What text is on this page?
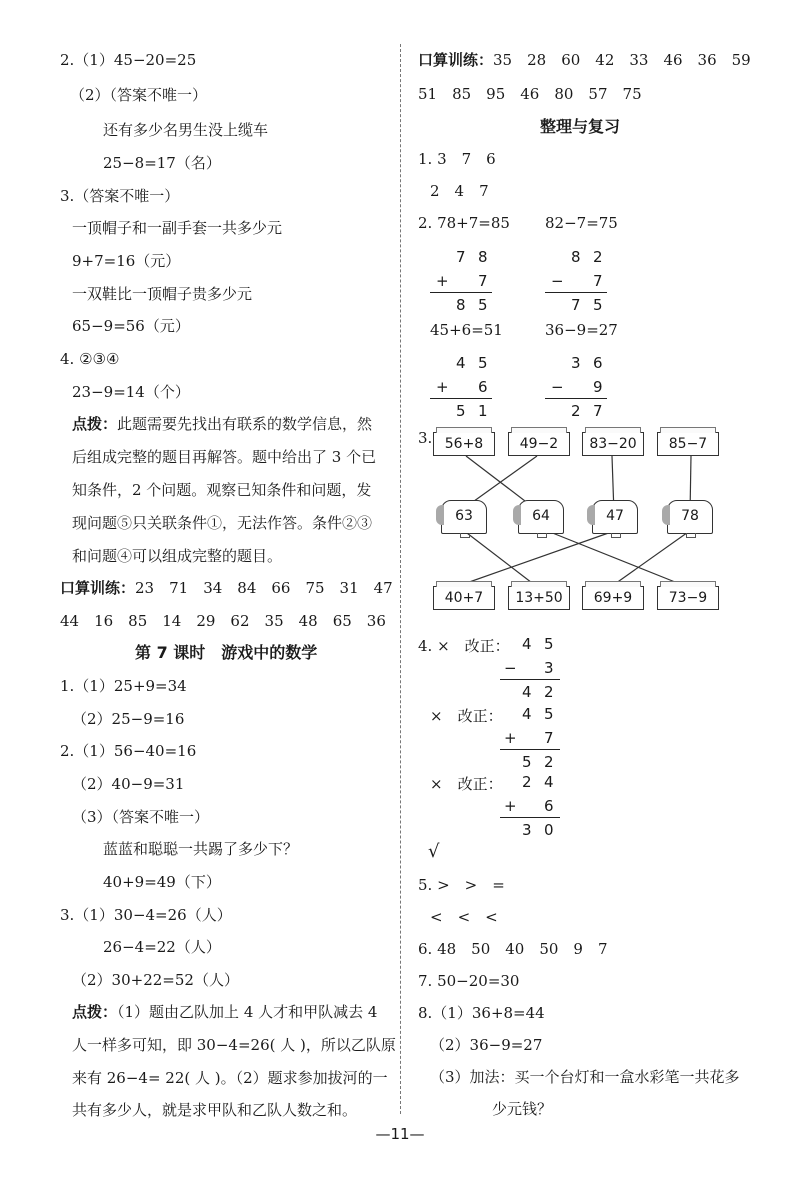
2.（1）45−20=25
（2）（答案不唯一）
还有多少名男生没上缆车
25−8=17（名）
3.（答案不唯一）
一顶帽子和一副手套一共多少元
9+7=16（元）
一双鞋比一顶帽子贵多少元
65−9=56（元）
4. ②③④
23−9=14（个）
点拨：此题需要先找出有联系的数学信息，然
后组成完整的题目再解答。题中给出了 3 个已
知条件，2 个问题。观察已知条件和问题，发
现问题⑤只关联条件①，无法作答。条件②③
和问题④可以组成完整的题目。
口算训练：23　71　34　84　66　75　31　47
44　16　85　14　29　62　35　48　65　36
第 7 课时　游戏中的数学
1.（1）25+9=34
（2）25−9=16
2.（1）56−40=16
（2）40−9=31
（3）（答案不唯一）
蓝蓝和聪聪一共踢了多少下？
40+9=49（下）
3.（1）30−4=26（人）
26−4=22（人）
（2）30+22=52（人）
点拨：（1）题由乙队加上 4 人才和甲队减去 4
人一样多可知，即 30−4=26( 人 )，所以乙队原
来有 26−4= 22( 人 )。（2）题求参加拔河的一
共有多少人，就是求甲队和乙队人数之和。
口算训练：35　28　60　42　33　46　36　59
51　85　95　46　80　57　75
整理与复习
1. 3　7　6
2　4　7
2. 78+7=85 82−7=75
7 8
+ 7
8 5
8 2
− 7
7 5
45+6=51	36−9=27
4 5
+ 6
5 1
3 6
− 9
2 7
3. 56+8	49−2	83−20	85−7
63	64	47	78
40+7	13+50	69+9	73−9
4. ×　改正： 4 5
− 3
4 2
×　改正： 4 5
+ 7
5 2
×　改正： 2 4
+ 6
3 0
√
5. >　>　=
<　<　<
6. 48　50　40　50　9　7
7. 50−20=30
8.（1）36+8=44
（2）36−9=27
（3）加法：买一个台灯和一盒水彩笔一共花多
少元钱？
—11—
